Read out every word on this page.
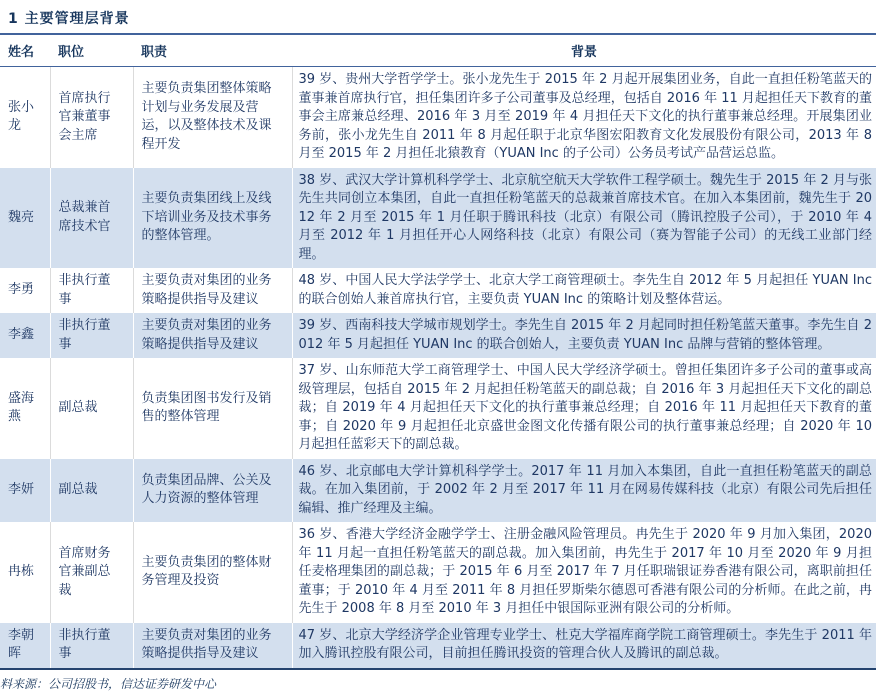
1 主要管理层背景
姓名	职位	职责	背景
张小龙	首席执行官兼董事会主席	主要负责集团整体策略计划与业务发展及营运，以及整体技术及课程开发	39 岁、贵州大学哲学学士。张小龙先生于 2015 年 2 月起开展集团业务，自此一直担任粉笔蓝天的董事兼首席执行官，担任集团许多子公司董事及总经理，包括自 2016 年 11 月起担任天下教育的董事会主席兼总经理、2016 年 3 月至 2019 年 4 月担任天下文化的执行董事兼总经理。开展集团业务前，张小龙先生自 2011 年 8 月起任职于北京华图宏阳教育文化发展股份有限公司，2013 年 8 月至 2015 年 2 月担任北猿教育（YUAN Inc 的子公司）公务员考试产品营运总监。
魏亮	总裁兼首席技术官	主要负责集团线上及线下培训业务及技术事务的整体管理。	38 岁、武汉大学计算机科学学士、北京航空航天大学软件工程学硕士。魏先生于 2015 年 2 月与张先生共同创立本集团，自此一直担任粉笔蓝天的总裁兼首席技术官。在加入本集团前，魏先生于 2012 年 2 月至 2015 年 1 月任职于腾讯科技（北京）有限公司（腾讯控股子公司），于 2010 年 4 月至 2012 年 1 月担任开心人网络科技（北京）有限公司（赛为智能子公司）的无线工业部门经理。
李勇	非执行董事	主要负责对集团的业务策略提供指导及建议	48 岁、中国人民大学法学学士、北京大学工商管理硕士。李先生自 2012 年 5 月起担任 YUAN Inc 的联合创始人兼首席执行官，主要负责 YUAN Inc 的策略计划及整体营运。
李鑫	非执行董事	主要负责对集团的业务策略提供指导及建议	39 岁、西南科技大学城市规划学士。李先生自 2015 年 2 月起同时担任粉笔蓝天董事。李先生自 2012 年 5 月起担任 YUAN Inc 的联合创始人，主要负责 YUAN Inc 品牌与营销的整体管理。
盛海燕	副总裁	负责集团图书发行及销售的整体管理	37 岁、山东师范大学工商管理学士、中国人民大学经济学硕士。曾担任集团许多子公司的董事或高级管理层，包括自 2015 年 2 月起担任粉笔蓝天的副总裁；自 2016 年 3 月起担任天下文化的副总裁；自 2019 年 4 月起担任天下文化的执行董事兼总经理；自 2016 年 11 月起担任天下教育的董事；自 2020 年 9 月起担任北京盛世金图文化传播有限公司的执行董事兼总经理；自 2020 年 10 月起担任蓝彩天下的副总裁。
李妍	副总裁	负责集团品牌、公关及人力资源的整体管理	46 岁、北京邮电大学计算机科学学士。2017 年 11 月加入本集团，自此一直担任粉笔蓝天的副总裁。在加入集团前，于 2002 年 2 月至 2017 年 11 月在网易传媒科技（北京）有限公司先后担任编辑、推广经理及主编。
冉栋	首席财务官兼副总裁	主要负责集团的整体财务管理及投资	36 岁、香港大学经济金融学学士、注册金融风险管理员。冉先生于 2020 年 9 月加入集团，2020 年 11 月起一直担任粉笔蓝天的副总裁。加入集团前，冉先生于 2017 年 10 月至 2020 年 9 月担任麦格理集团的副总裁；于 2015 年 6 月至 2017 年 7 月任职瑞银证券香港有限公司，离职前担任董事；于 2010 年 4 月至 2011 年 8 月担任罗斯柴尔德恩可香港有限公司的分析师。在此之前，冉先生于 2008 年 8 月至 2010 年 3 月担任中银国际亚洲有限公司的分析师。
李朝晖	非执行董事	主要负责对集团的业务策略提供指导及建议	47 岁、北京大学经济学企业管理专业学士、杜克大学福库商学院工商管理硕士。李先生于 2011 年加入腾讯控股有限公司，目前担任腾讯投资的管理合伙人及腾讯的副总裁。
料来源：公司招股书，信达证券研发中心
